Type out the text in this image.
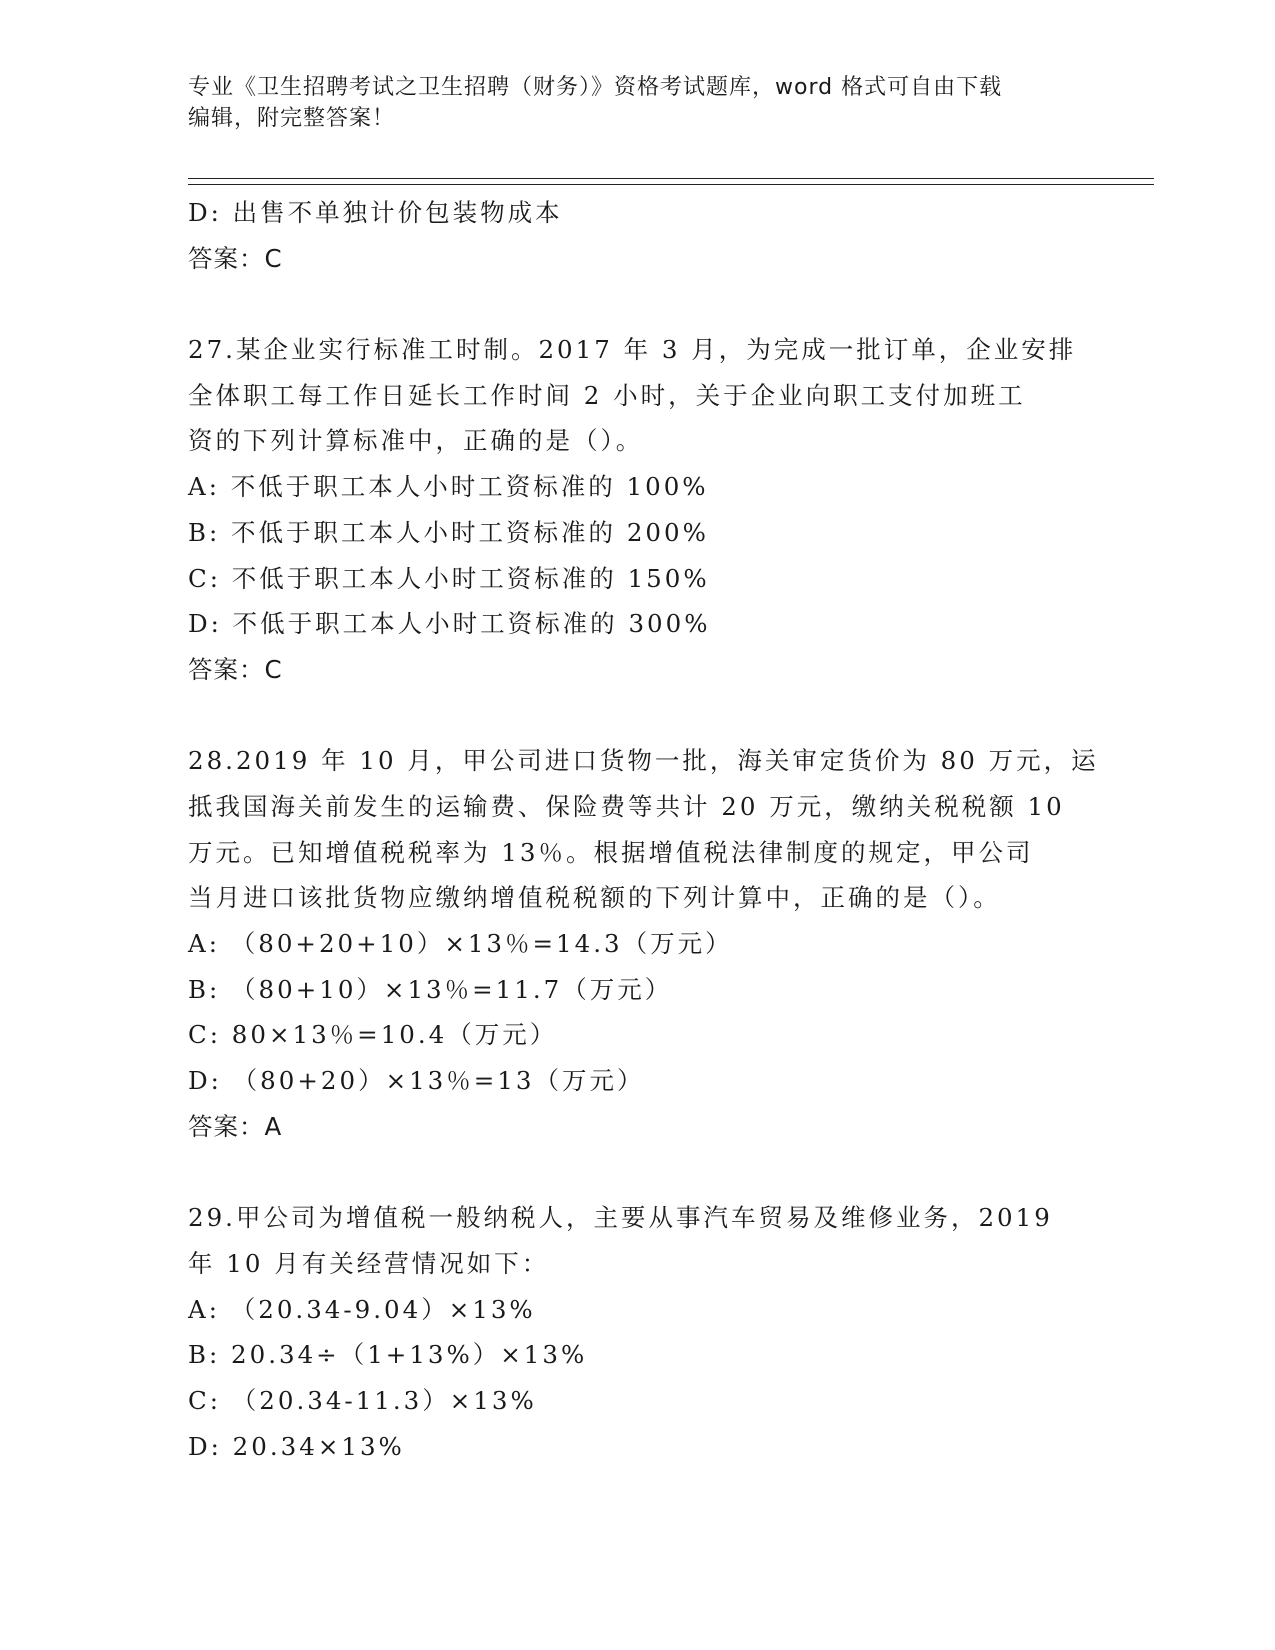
专业《卫生招聘考试之卫生招聘（财务）》资格考试题库，word 格式可自由下载
编辑，附完整答案！
D: 出售不单独计价包装物成本
答案：C
27.某企业实行标准工时制。2017 年 3 月，为完成一批订单，企业安排
全体职工每工作日延长工作时间 2 小时，关于企业向职工支付加班工
资的下列计算标准中，正确的是（）。
A: 不低于职工本人小时工资标准的 100%
B: 不低于职工本人小时工资标准的 200%
C: 不低于职工本人小时工资标准的 150%
D: 不低于职工本人小时工资标准的 300%
答案：C
28.2019 年 10 月，甲公司进口货物一批，海关审定货价为 80 万元，运
抵我国海关前发生的运输费、保险费等共计 20 万元，缴纳关税税额 10
万元。已知增值税税率为 13％。根据增值税法律制度的规定，甲公司
当月进口该批货物应缴纳增值税税额的下列计算中，正确的是（）。
A: （80+20+10）×13％=14.3（万元）
B: （80+10）×13％=11.7（万元）
C: 80×13％=10.4（万元）
D: （80+20）×13％=13（万元）
答案：A
29.甲公司为增值税一般纳税人，主要从事汽车贸易及维修业务，2019
年 10 月有关经营情况如下：
A: （20.34-9.04）×13%
B: 20.34÷（1+13%）×13%
C: （20.34-11.3）×13%
D: 20.34×13%
